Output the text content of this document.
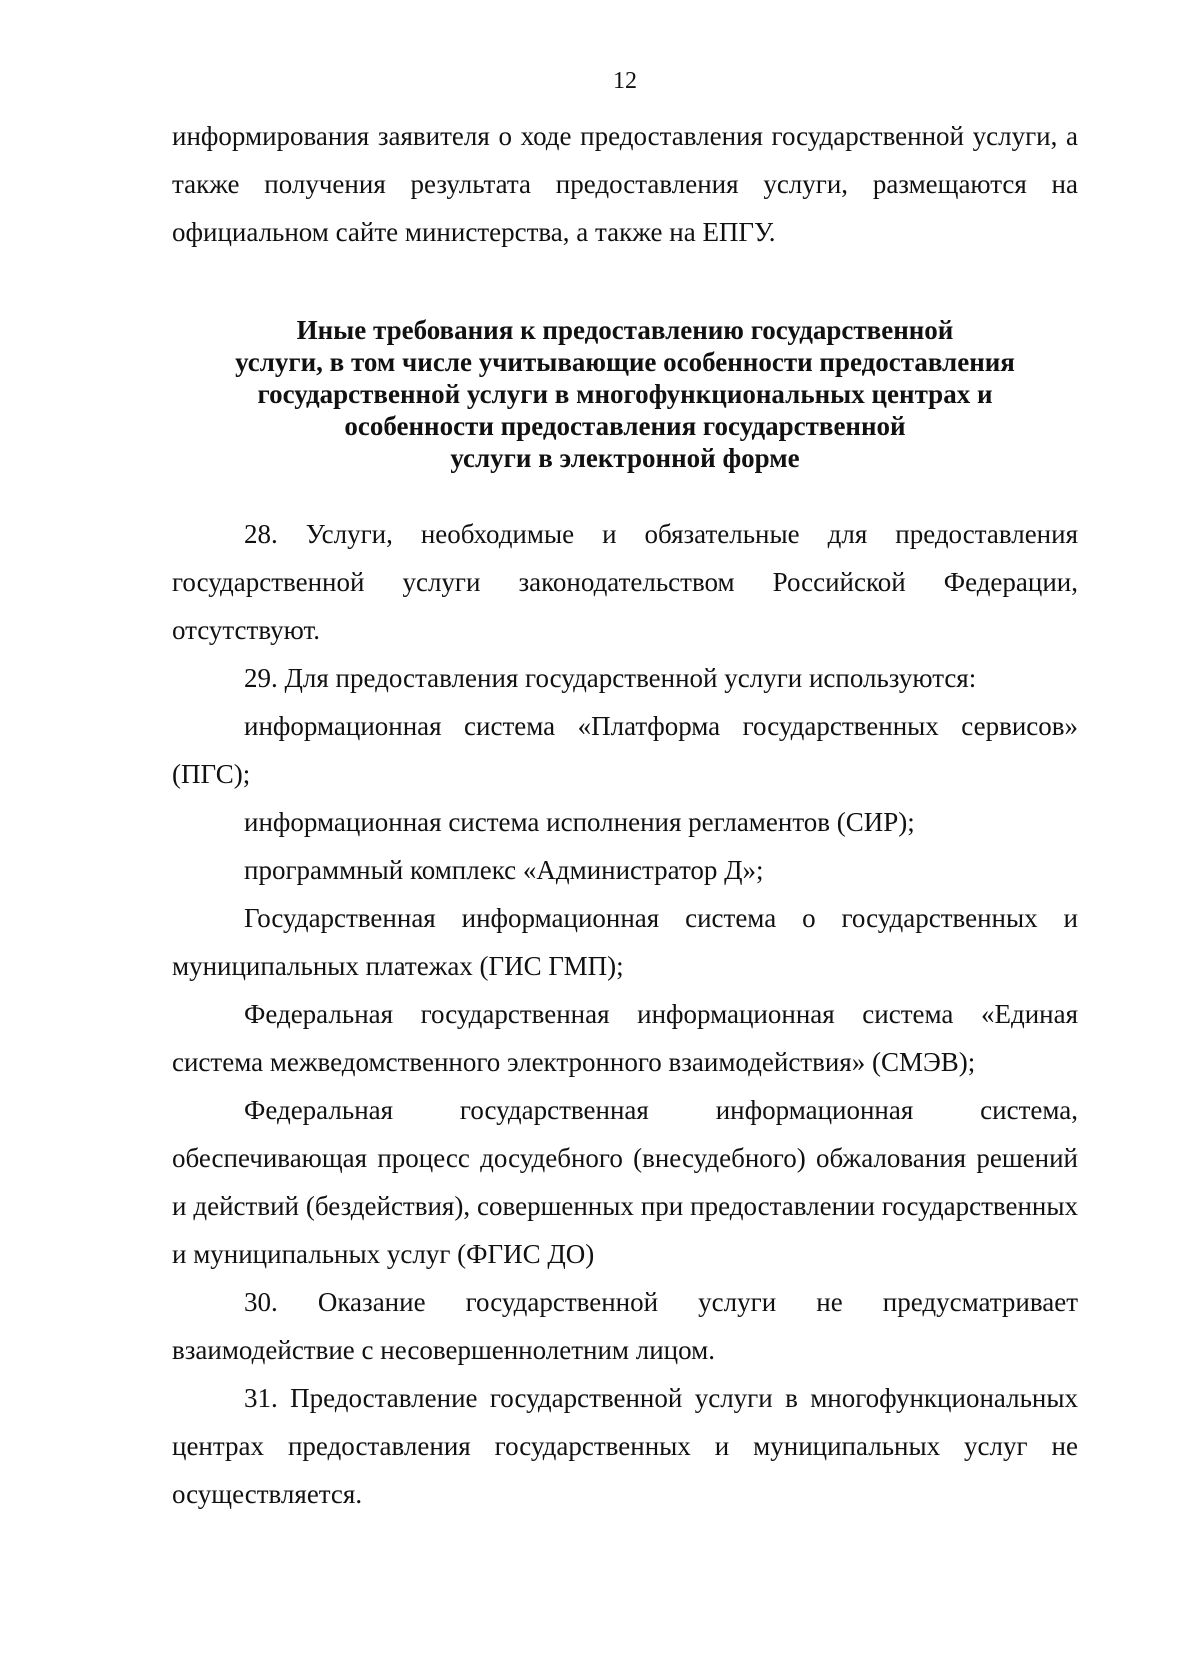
12

информирования заявителя о ходе предоставления государственной услуги, а также получения результата предоставления услуги, размещаются на официальном сайте министерства, а также на ЕПГУ.

Иные требования к предоставлению государственной
услуги, в том числе учитывающие особенности предоставления
государственной услуги в многофункциональных центрах и
особенности предоставления государственной
услуги в электронной форме

28. Услуги, необходимые и обязательные для предоставления государственной услуги законодательством Российской Федерации, отсутствуют.

29. Для предоставления государственной услуги используются:

информационная система «Платформа государственных сервисов» (ПГС);

информационная система исполнения регламентов (СИР);

программный комплекс «Администратор Д»;

Государственная информационная система о государственных и муниципальных платежах (ГИС ГМП);

Федеральная государственная информационная система «Единая система межведомственного электронного взаимодействия» (СМЭВ);

Федеральная государственная информационная система, обеспечивающая процесс досудебного (внесудебного) обжалования решений и действий (бездействия), совершенных при предоставлении государственных и муниципальных услуг (ФГИС ДО)

30. Оказание государственной услуги не предусматривает взаимодействие с несовершеннолетним лицом.

31. Предоставление государственной услуги в многофункциональных центрах предоставления государственных и муниципальных услуг не осуществляется.
